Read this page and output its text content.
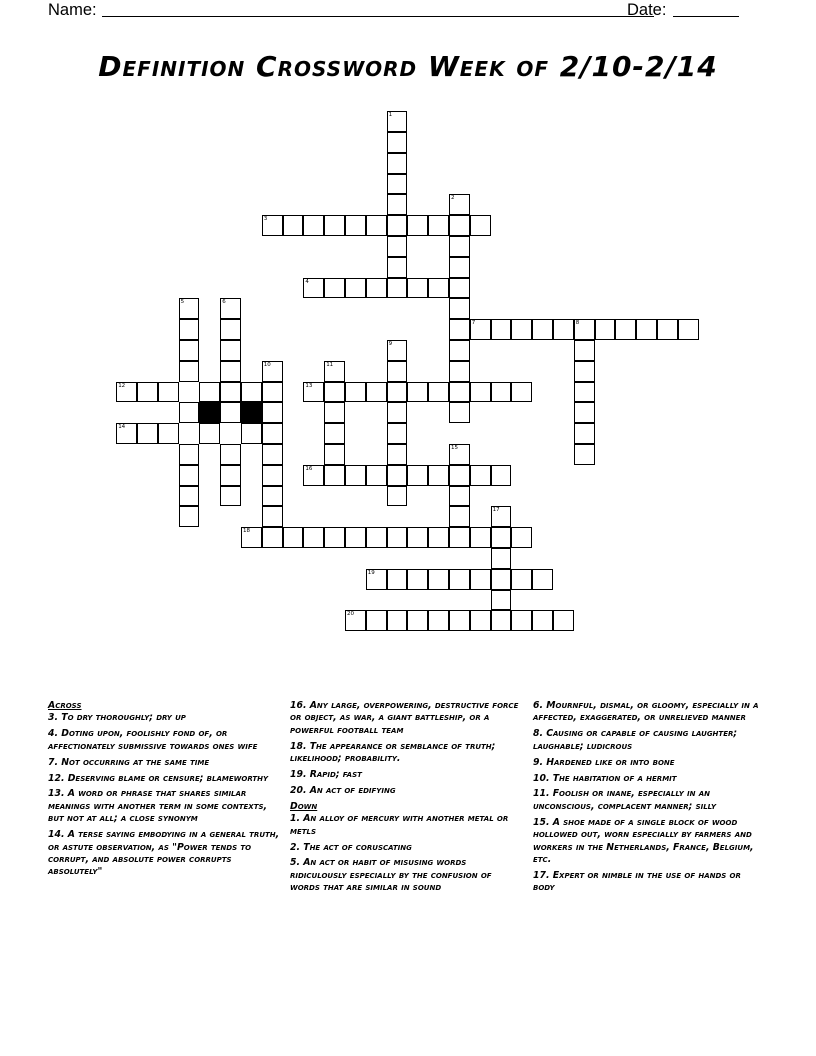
Name:	Date:
Definition Crossword Week of 2/10-2/14
1
2
3
4
5	6
7	8
9
10	11
12	13
14
15
16
17
18
19
20
Across
3. To dry thoroughly; dry up
4. Doting upon, foolishly fond of, or affectionately submissive towards ones wife
7. Not occurring at the same time
12. Deserving blame or censure; blameworthy
13. A word or phrase that shares similar meanings with another term in some contexts, but not at all; a close synonym
14. A terse saying embodying in a general truth, or astute observation, as "Power tends to corrupt, and absolute power corrupts absolutely"
16. Any large, overpowering, destructive force or object, as war, a giant battleship, or a powerful football team
18. The appearance or semblance of truth; likelihood; probability.
19. Rapid; fast
20. An act of edifying
Down
1. An alloy of mercury with another metal or metls
2. The act of coruscating
5. An act or habit of misusing words ridiculously especially by the confusion of words that are similar in sound
6. Mournful, dismal, or gloomy, especially in a affected, exaggerated, or unrelieved manner
8. Causing or capable of causing laughter; laughable; ludicrous
9. Hardened like or into bone
10. The habitation of a hermit
11. Foolish or inane, especially in an unconscious, complacent manner; silly
15. A shoe made of a single block of wood hollowed out, worn especially by farmers and workers in the Netherlands, France, Belgium, etc.
17. Expert or nimble in the use of hands or body
